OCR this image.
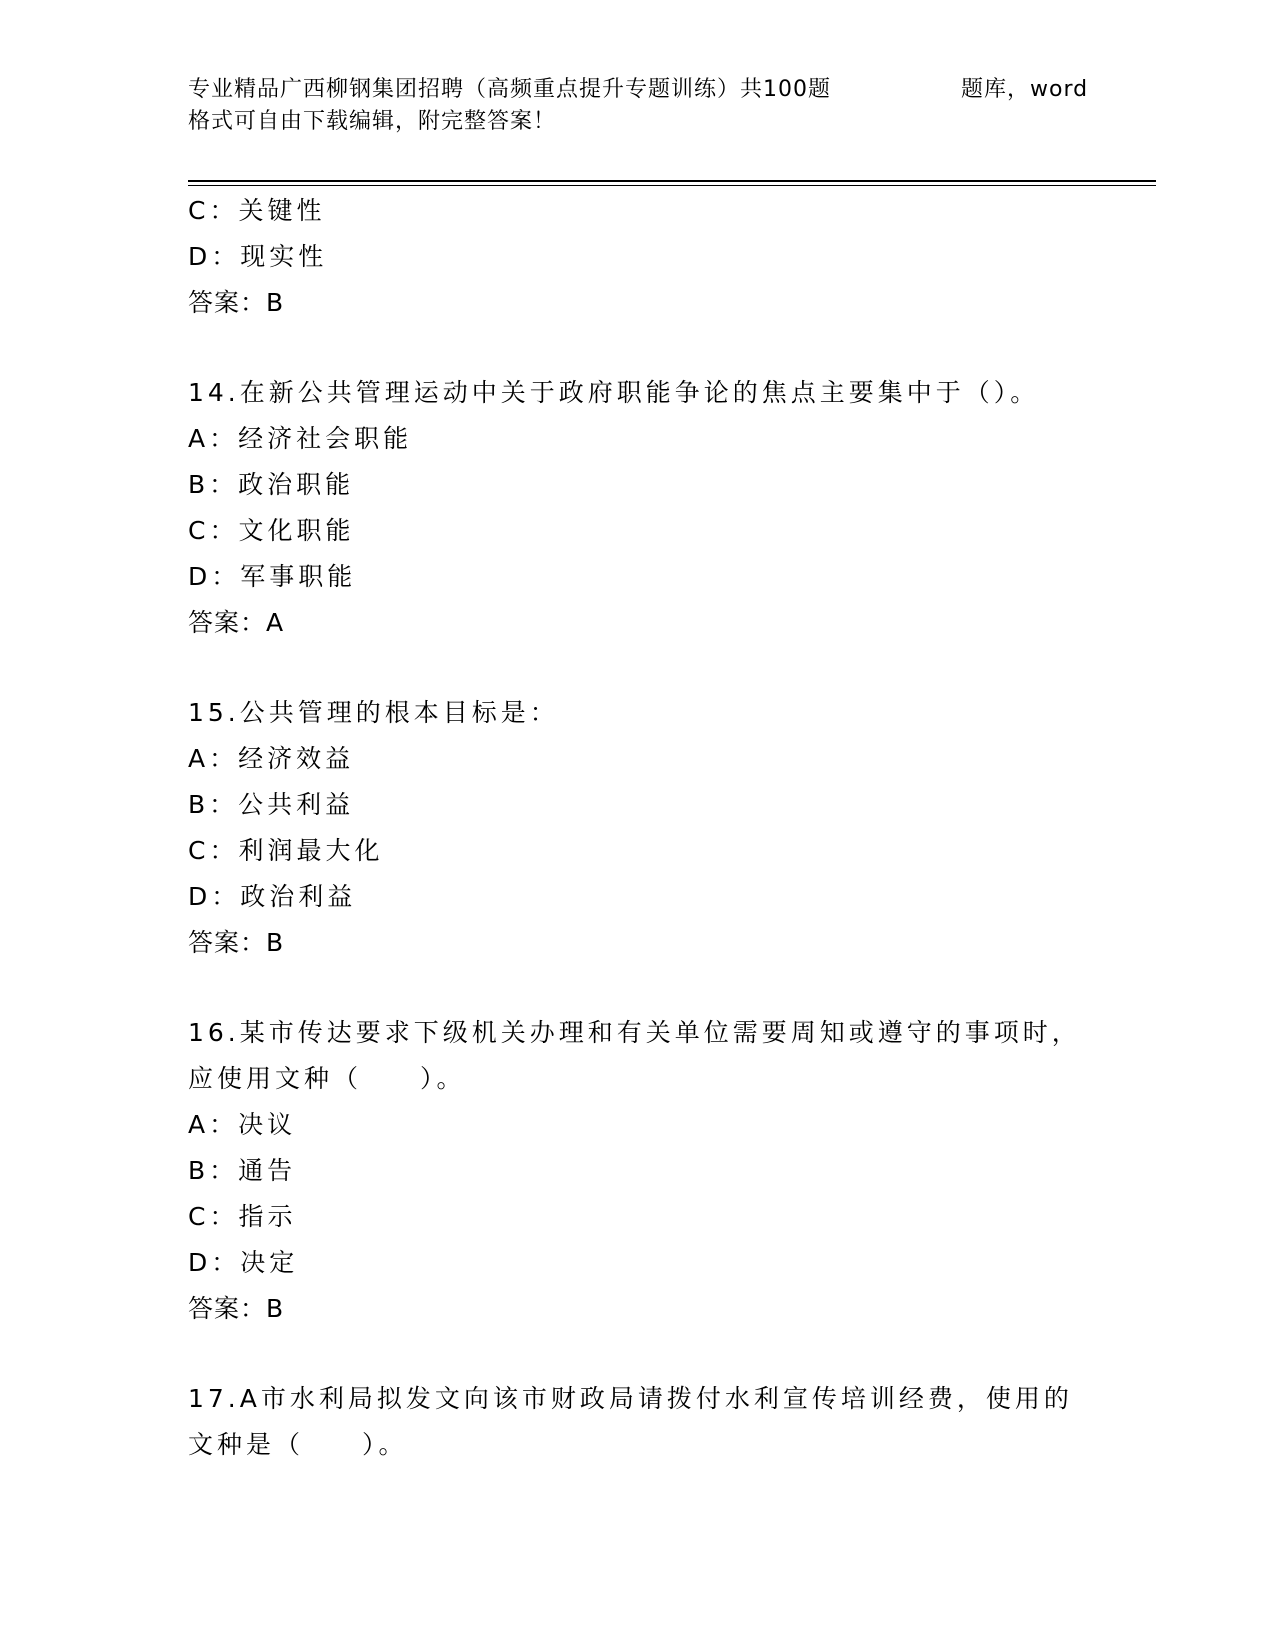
专业精品广西柳钢集团招聘（高频重点提升专题训练）共100题	题库，word
格式可自由下载编辑，附完整答案！
C：关键性
D：现实性
答案：B
14.在新公共管理运动中关于政府职能争论的焦点主要集中于（）。
A：经济社会职能
B：政治职能
C：文化职能
D：军事职能
答案：A
15.公共管理的根本目标是：
A：经济效益
B：公共利益
C：利润最大化
D：政治利益
答案：B
16.某市传达要求下级机关办理和有关单位需要周知或遵守的事项时，
应使用文种（　　）。
A：决议
B：通告
C：指示
D：决定
答案：B
17.A市水利局拟发文向该市财政局请拨付水利宣传培训经费，使用的
文种是（　　）。
